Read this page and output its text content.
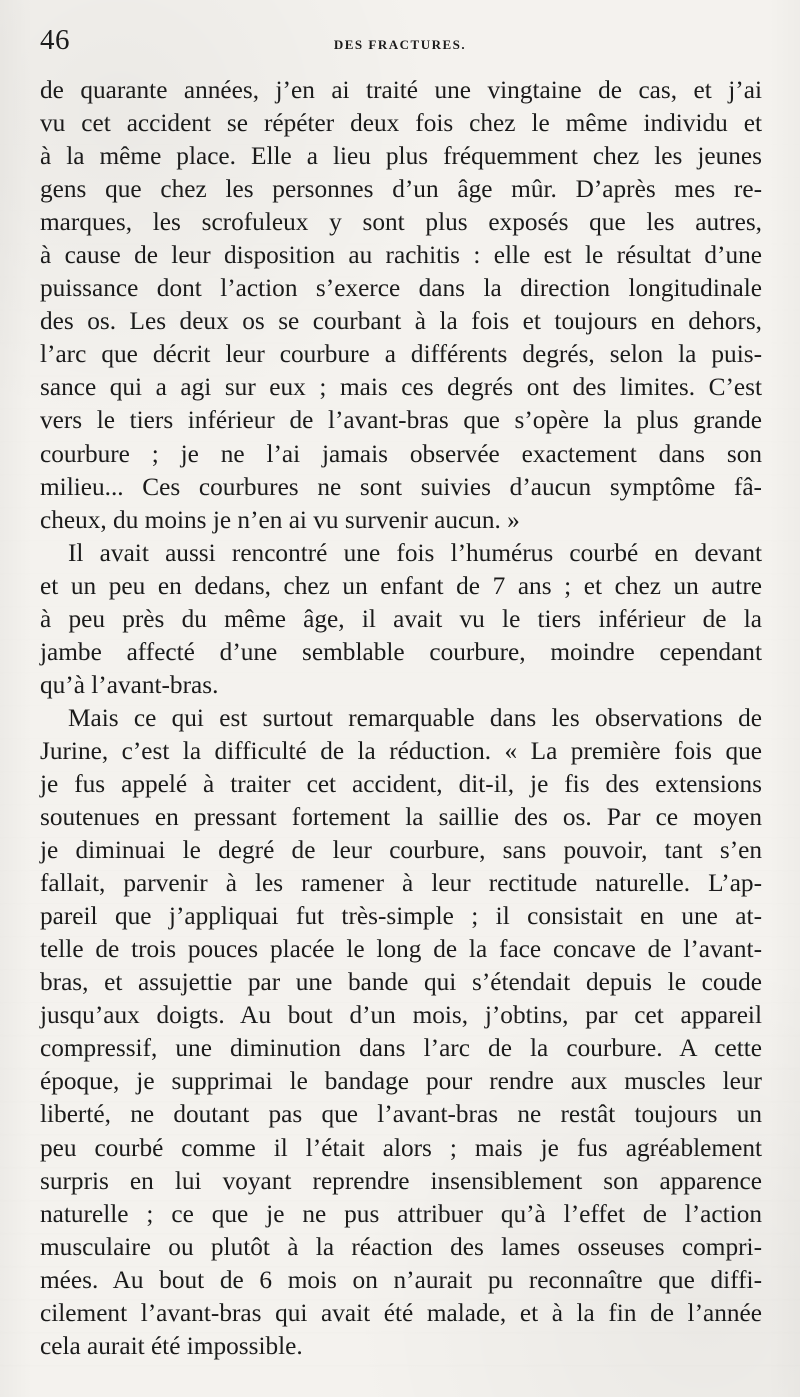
46	DES FRACTURES.
de quarante années, j’en ai traité une vingtaine de cas, et j’ai
vu cet accident se répéter deux fois chez le même individu et
à la même place. Elle a lieu plus fréquemment chez les jeunes
gens que chez les personnes d’un âge mûr. D’après mes re-
marques, les scrofuleux y sont plus exposés que les autres,
à cause de leur disposition au rachitis : elle est le résultat d’une
puissance dont l’action s’exerce dans la direction longitudinale
des os. Les deux os se courbant à la fois et toujours en dehors,
l’arc que décrit leur courbure a différents degrés, selon la puis-
sance qui a agi sur eux ; mais ces degrés ont des limites. C’est
vers le tiers inférieur de l’avant-bras que s’opère la plus grande
courbure ; je ne l’ai jamais observée exactement dans son
milieu... Ces courbures ne sont suivies d’aucun symptôme fâ-
cheux, du moins je n’en ai vu survenir aucun. »
Il avait aussi rencontré une fois l’humérus courbé en devant
et un peu en dedans, chez un enfant de 7 ans ; et chez un autre
à peu près du même âge, il avait vu le tiers inférieur de la
jambe affecté d’une semblable courbure, moindre cependant
qu’à l’avant-bras.
Mais ce qui est surtout remarquable dans les observations de
Jurine, c’est la difficulté de la réduction. « La première fois que
je fus appelé à traiter cet accident, dit-il, je fis des extensions
soutenues en pressant fortement la saillie des os. Par ce moyen
je diminuai le degré de leur courbure, sans pouvoir, tant s’en
fallait, parvenir à les ramener à leur rectitude naturelle. L’ap-
pareil que j’appliquai fut très-simple ; il consistait en une at-
telle de trois pouces placée le long de la face concave de l’avant-
bras, et assujettie par une bande qui s’étendait depuis le coude
jusqu’aux doigts. Au bout d’un mois, j’obtins, par cet appareil
compressif, une diminution dans l’arc de la courbure. A cette
époque, je supprimai le bandage pour rendre aux muscles leur
liberté, ne doutant pas que l’avant-bras ne restât toujours un
peu courbé comme il l’était alors ; mais je fus agréablement
surpris en lui voyant reprendre insensiblement son apparence
naturelle ; ce que je ne pus attribuer qu’à l’effet de l’action
musculaire ou plutôt à la réaction des lames osseuses compri-
mées. Au bout de 6 mois on n’aurait pu reconnaître que diffi-
cilement l’avant-bras qui avait été malade, et à la fin de l’année
cela aurait été impossible.
